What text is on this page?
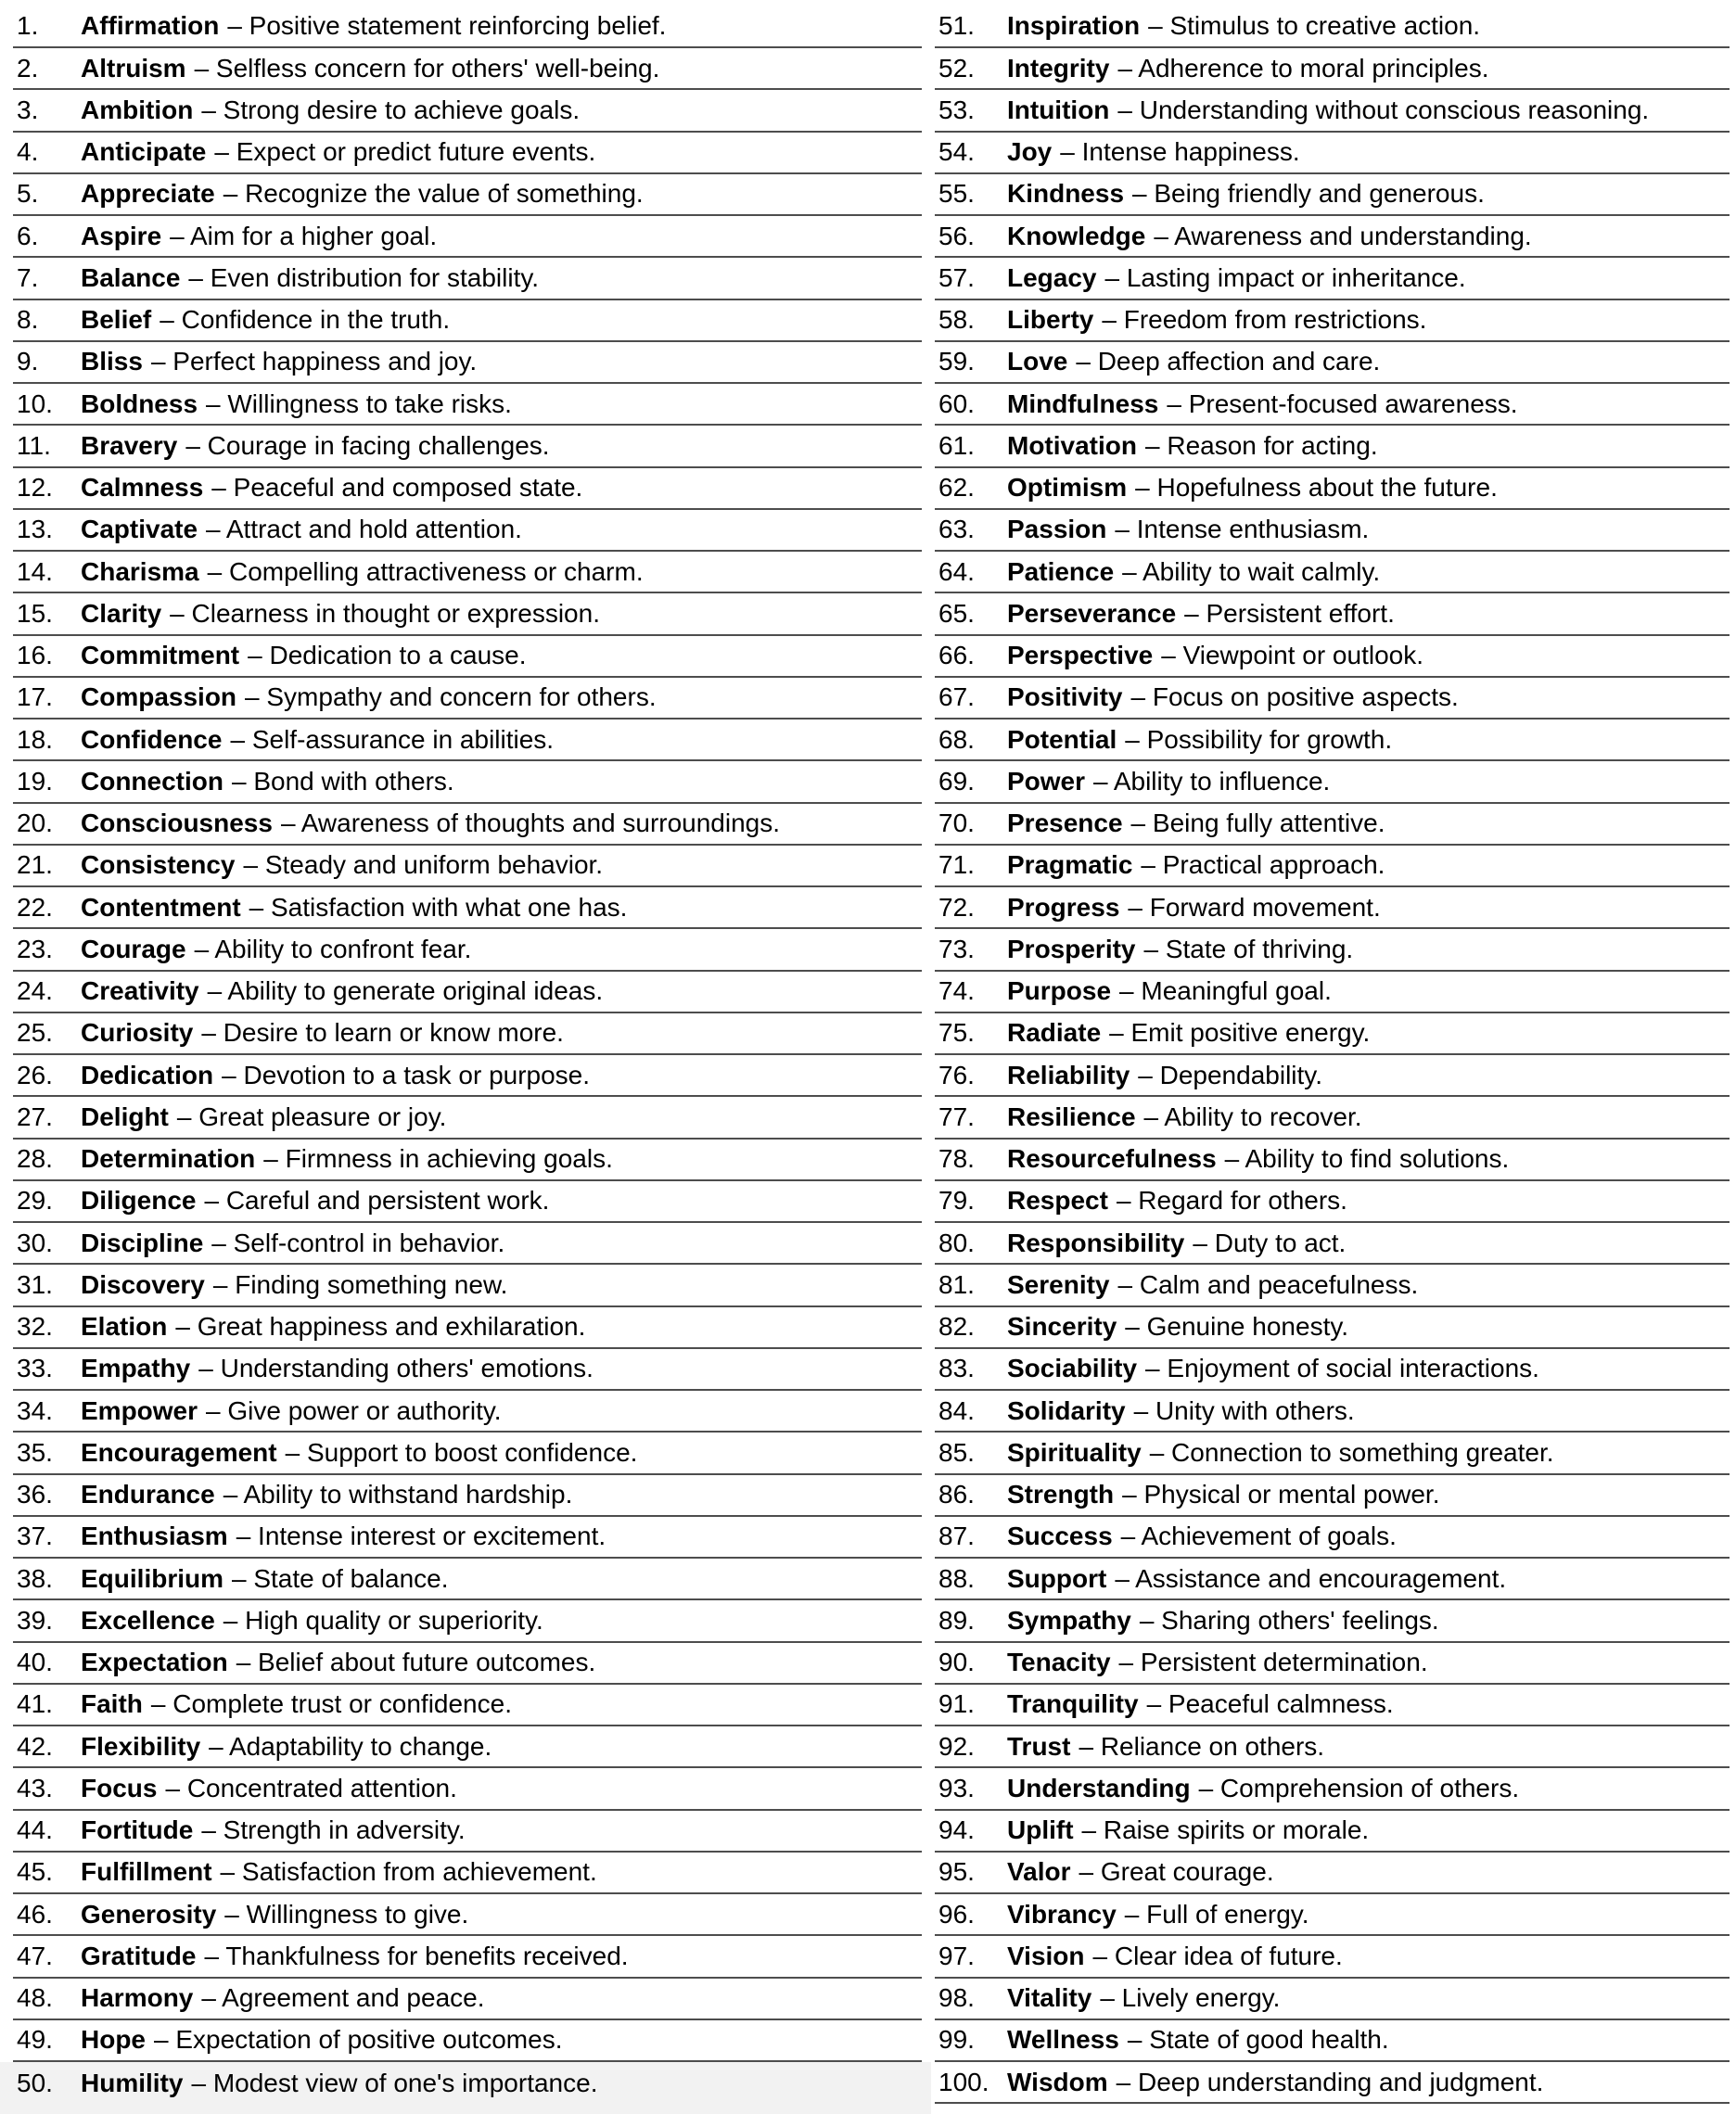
1.	Affirmation – Positive statement reinforcing belief.
2.	Altruism – Selfless concern for others' well-being.
3.	Ambition – Strong desire to achieve goals.
4.	Anticipate – Expect or predict future events.
5.	Appreciate – Recognize the value of something.
6.	Aspire – Aim for a higher goal.
7.	Balance – Even distribution for stability.
8.	Belief – Confidence in the truth.
9.	Bliss – Perfect happiness and joy.
10.	Boldness – Willingness to take risks.
11.	Bravery – Courage in facing challenges.
12.	Calmness – Peaceful and composed state.
13.	Captivate – Attract and hold attention.
14.	Charisma – Compelling attractiveness or charm.
15.	Clarity – Clearness in thought or expression.
16.	Commitment – Dedication to a cause.
17.	Compassion – Sympathy and concern for others.
18.	Confidence – Self-assurance in abilities.
19.	Connection – Bond with others.
20.	Consciousness – Awareness of thoughts and surroundings.
21.	Consistency – Steady and uniform behavior.
22.	Contentment – Satisfaction with what one has.
23.	Courage – Ability to confront fear.
24.	Creativity – Ability to generate original ideas.
25.	Curiosity – Desire to learn or know more.
26.	Dedication – Devotion to a task or purpose.
27.	Delight – Great pleasure or joy.
28.	Determination – Firmness in achieving goals.
29.	Diligence – Careful and persistent work.
30.	Discipline – Self-control in behavior.
31.	Discovery – Finding something new.
32.	Elation – Great happiness and exhilaration.
33.	Empathy – Understanding others' emotions.
34.	Empower – Give power or authority.
35.	Encouragement – Support to boost confidence.
36.	Endurance – Ability to withstand hardship.
37.	Enthusiasm – Intense interest or excitement.
38.	Equilibrium – State of balance.
39.	Excellence – High quality or superiority.
40.	Expectation – Belief about future outcomes.
41.	Faith – Complete trust or confidence.
42.	Flexibility – Adaptability to change.
43.	Focus – Concentrated attention.
44.	Fortitude – Strength in adversity.
45.	Fulfillment – Satisfaction from achievement.
46.	Generosity – Willingness to give.
47.	Gratitude – Thankfulness for benefits received.
48.	Harmony – Agreement and peace.
49.	Hope – Expectation of positive outcomes.
50.	Humility – Modest view of one's importance.
51.	Inspiration – Stimulus to creative action.
52.	Integrity – Adherence to moral principles.
53.	Intuition – Understanding without conscious reasoning.
54.	Joy – Intense happiness.
55.	Kindness – Being friendly and generous.
56.	Knowledge – Awareness and understanding.
57.	Legacy – Lasting impact or inheritance.
58.	Liberty – Freedom from restrictions.
59.	Love – Deep affection and care.
60.	Mindfulness – Present-focused awareness.
61.	Motivation – Reason for acting.
62.	Optimism – Hopefulness about the future.
63.	Passion – Intense enthusiasm.
64.	Patience – Ability to wait calmly.
65.	Perseverance – Persistent effort.
66.	Perspective – Viewpoint or outlook.
67.	Positivity – Focus on positive aspects.
68.	Potential – Possibility for growth.
69.	Power – Ability to influence.
70.	Presence – Being fully attentive.
71.	Pragmatic – Practical approach.
72.	Progress – Forward movement.
73.	Prosperity – State of thriving.
74.	Purpose – Meaningful goal.
75.	Radiate – Emit positive energy.
76.	Reliability – Dependability.
77.	Resilience – Ability to recover.
78.	Resourcefulness – Ability to find solutions.
79.	Respect – Regard for others.
80.	Responsibility – Duty to act.
81.	Serenity – Calm and peacefulness.
82.	Sincerity – Genuine honesty.
83.	Sociability – Enjoyment of social interactions.
84.	Solidarity – Unity with others.
85.	Spirituality – Connection to something greater.
86.	Strength – Physical or mental power.
87.	Success – Achievement of goals.
88.	Support – Assistance and encouragement.
89.	Sympathy – Sharing others' feelings.
90.	Tenacity – Persistent determination.
91.	Tranquility – Peaceful calmness.
92.	Trust – Reliance on others.
93.	Understanding – Comprehension of others.
94.	Uplift – Raise spirits or morale.
95.	Valor – Great courage.
96.	Vibrancy – Full of energy.
97.	Vision – Clear idea of future.
98.	Vitality – Lively energy.
99.	Wellness – State of good health.
100. Wisdom – Deep understanding and judgment.
